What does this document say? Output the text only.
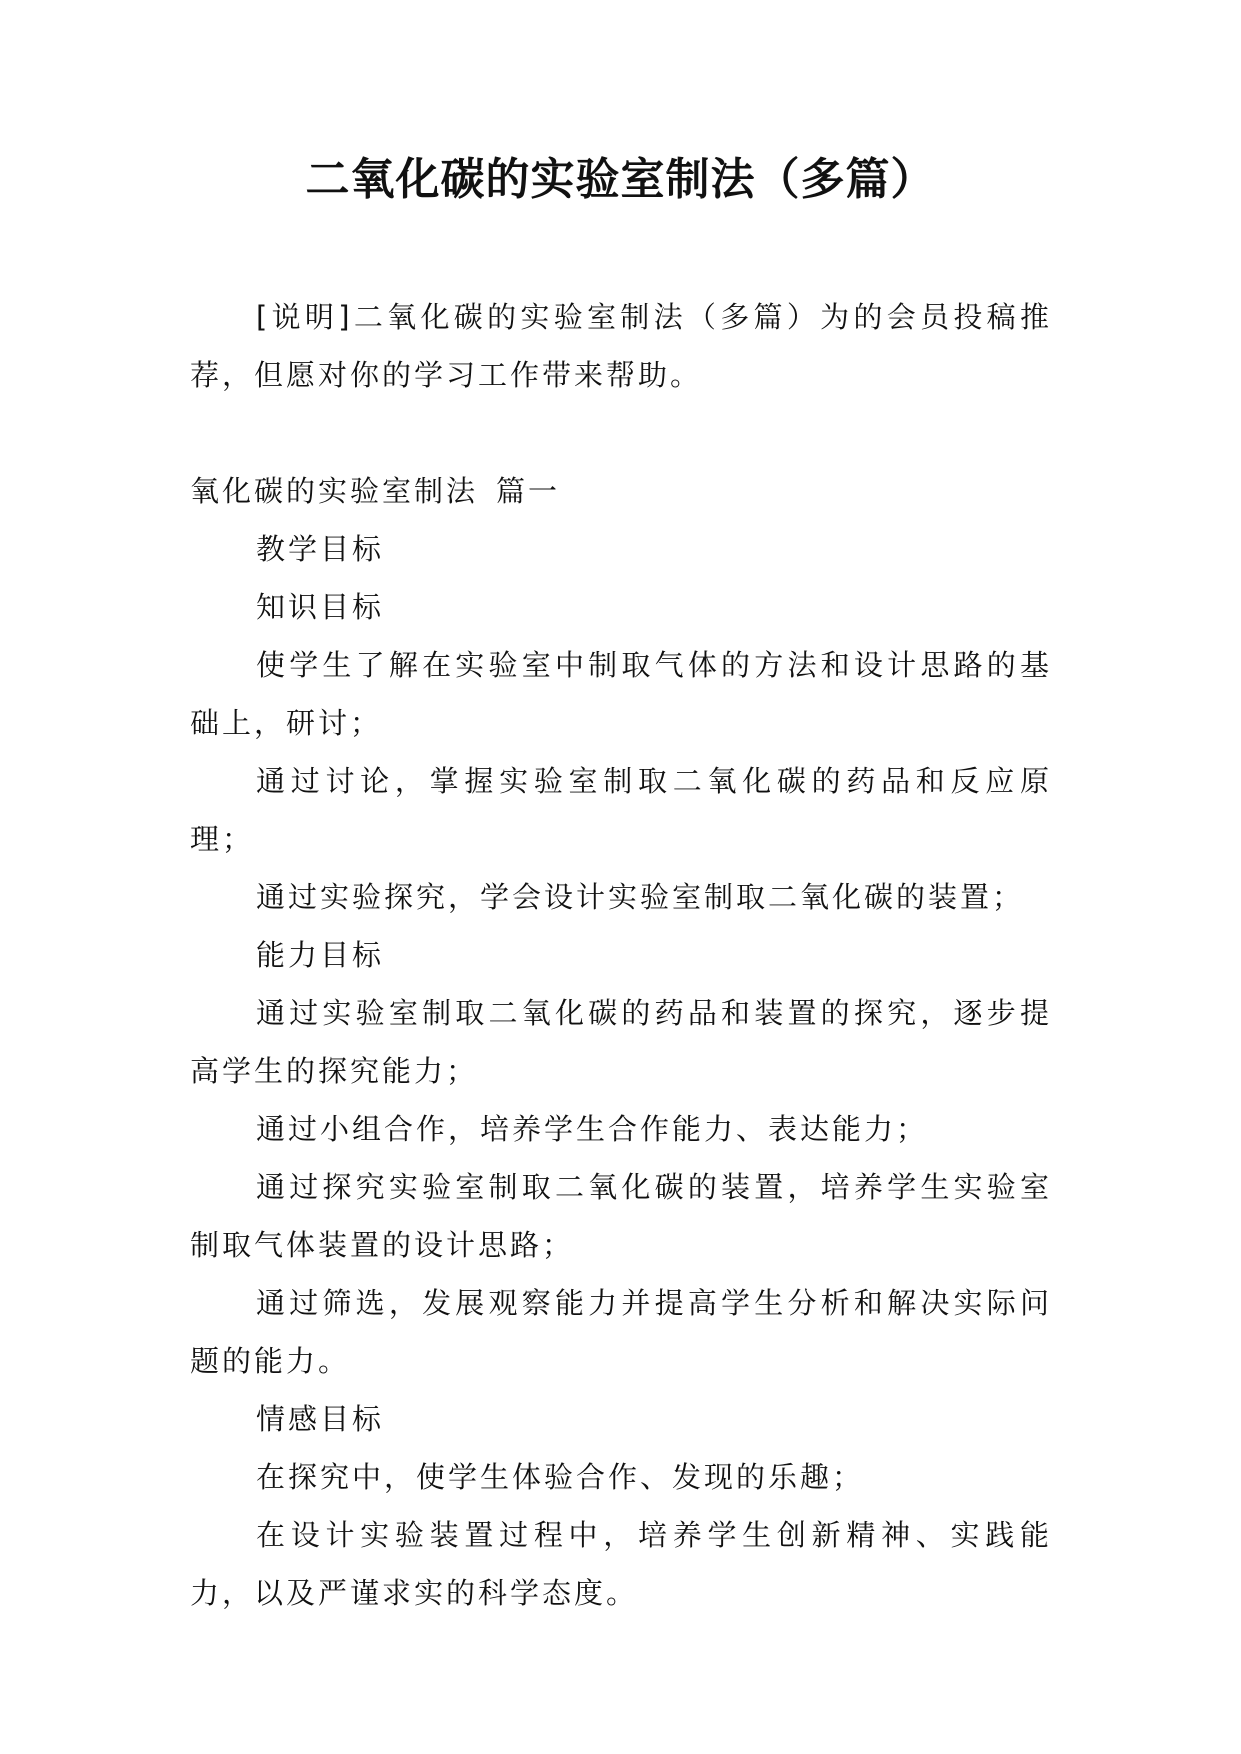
二氧化碳的实验室制法（多篇）

[说明]二氧化碳的实验室制法（多篇）为的会员投稿推荐，但愿对你的学习工作带来帮助。

氧化碳的实验室制法 篇一

教学目标

知识目标

使学生了解在实验室中制取气体的方法和设计思路的基础上，研讨；

通过讨论，掌握实验室制取二氧化碳的药品和反应原理；

通过实验探究，学会设计实验室制取二氧化碳的装置；

能力目标

通过实验室制取二氧化碳的药品和装置的探究，逐步提高学生的探究能力；

通过小组合作，培养学生合作能力、表达能力；

通过探究实验室制取二氧化碳的装置，培养学生实验室制取气体装置的设计思路；

通过筛选，发展观察能力并提高学生分析和解决实际问题的能力。

情感目标

在探究中，使学生体验合作、发现的乐趣；

在设计实验装置过程中，培养学生创新精神、实践能力，以及严谨求实的科学态度。
